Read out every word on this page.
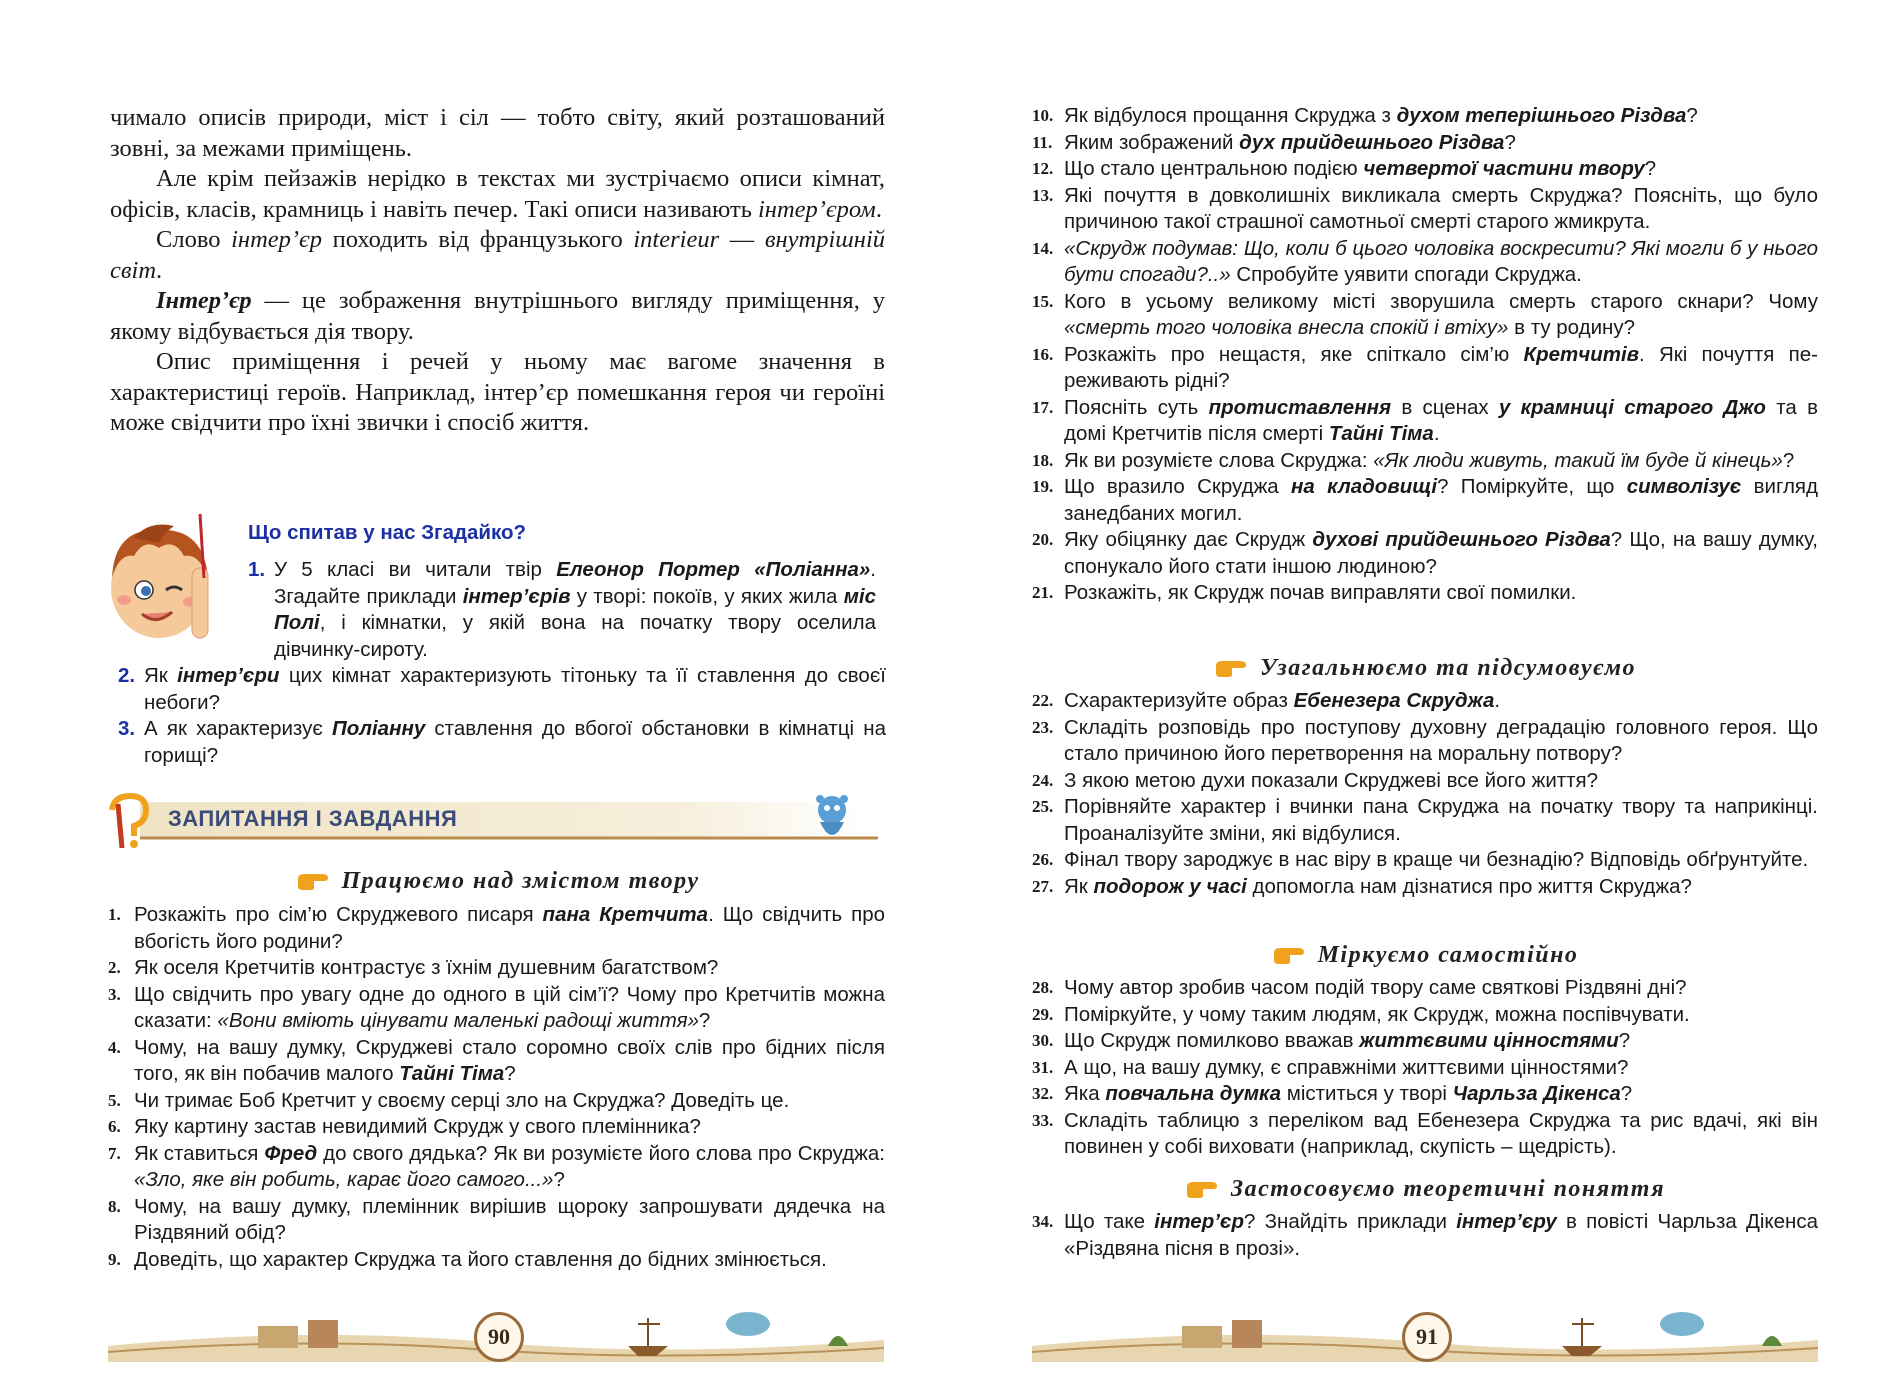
чимало описів природи, міст і сіл — тобто світу, який розташований зовні, за межами приміщень.

Але крім пейзажів нерідко в текстах ми зустрічаємо описи кімнат, офісів, класів, крамниць і навіть печер. Такі описи називають інтер’єром.

Слово інтер’єр походить від французького interieur — внутрішній світ.

Інтер’єр — це зображення внутрішнього вигляду приміщення, у якому відбувається дія твору.

Опис приміщення і речей у ньому має вагоме значення в характеристиці героїв. Наприклад, інтер’єр помешкання героя чи героїні може свідчити про їхні звички і спосіб життя.

Що спитав у нас Згадайко?
1. У 5 класі ви читали твір Елеонор Портер «Поліанна». Згадайте приклади інтер’єрів у творі: покоїв, у яких жила міс Полі, і кімнатки, у якій вона на початку твору оселила дівчинку-сироту.
2. Як інтер’єри цих кімнат характеризують тітоньку та її ставлення до своєї небоги?
3. А як характеризує Поліанну ставлення до вбогої обстановки в кімнатці на горищі?
ЗАПИТАННЯ І ЗАВДАННЯ
Працюємо над змістом твору
1. Розкажіть про сім’ю Скруджевого писаря пана Кретчита. Що свідчить про вбогість його родини?
2. Як оселя Кретчитів контрастує з їхнім душевним багатством?
3. Що свідчить про увагу одне до одного в цій сім’ї? Чому про Кретчитів можна сказати: «Вони вміють цінувати маленькі радощі життя»?
4. Чому, на вашу думку, Скруджеві стало соромно своїх слів про бідних після того, як він побачив малого Тайні Тіма?
5. Чи тримає Боб Кретчит у своєму серці зло на Скруджа? Доведіть це.
6. Яку картину застав невидимий Скрудж у свого племінника?
7. Як ставиться Фред до свого дядька? Як ви розумієте його слова про Скруджа: «Зло, яке він робить, карає його самого...»?
8. Чому, на вашу думку, племінник вирішив щороку запрошувати дядечка на Різдвяний обід?
9. Доведіть, що характер Скруджа та його ставлення до бідних змінюється.
90
10. Як відбулося прощання Скруджа з духом теперішнього Різдва?
11. Яким зображений дух прийдешнього Різдва?
12. Що стало центральною подією четвертої частини твору?
13. Які почуття в довколишніх викликала смерть Скруджа? Поясніть, що було причиною такої страшної самотньої смерті старого жмикрута.
14. «Скрудж подумав: Що, коли б цього чоловіка воскресити? Які могли б у нього бути спогади?..» Спробуйте уявити спогади Скруджа.
15. Кого в усьому великому місті зворушила смерть старого скнари? Чому «смерть того чоловіка внесла спокій і втіху» в ту родину?
16. Розкажіть про нещастя, яке спіткало сім’ю Кретчитів. Які почуття переживають рідні?
17. Поясніть суть протиставлення в сценах у крамниці старого Джо та в домі Кретчитів після смерті Тайні Тіма.
18. Як ви розумієте слова Скруджа: «Як люди живуть, такий їм буде й кінець»?
19. Що вразило Скруджа на кладовищі? Поміркуйте, що символізує вигляд занедбаних могил.
20. Яку обіцянку дає Скрудж духові прийдешнього Різдва? Що, на вашу думку, спонукало його стати іншою людиною?
21. Розкажіть, як Скрудж почав виправляти свої помилки.
Узагальнюємо та підсумовуємо
22. Схарактеризуйте образ Ебенезера Скруджа.
23. Складіть розповідь про поступову духовну деградацію головного героя. Що стало причиною його перетворення на моральну потвору?
24. З якою метою духи показали Скруджеві все його життя?
25. Порівняйте характер і вчинки пана Скруджа на початку твору та наприкінці. Проаналізуйте зміни, які відбулися.
26. Фінал твору зароджує в нас віру в краще чи безнадію? Відповідь обґрунтуйте.
27. Як подорож у часі допомогла нам дізнатися про життя Скруджа?
Міркуємо самостійно
28. Чому автор зробив часом подій твору саме святкові Різдвяні дні?
29. Поміркуйте, у чому таким людям, як Скрудж, можна поспівчувати.
30. Що Скрудж помилково вважав життєвими цінностями?
31. А що, на вашу думку, є справжніми життєвими цінностями?
32. Яка повчальна думка міститься у творі Чарльза Дікенса?
33. Складіть таблицю з переліком вад Ебенезера Скруджа та рис вдачі, які він повинен у собі виховати (наприклад, скупість – щедрість).
Застосовуємо теоретичні поняття
34. Що таке інтер’єр? Знайдіть приклади інтер’єру в повісті Чарльза Дікенса «Різдвяна пісня в прозі».
91
